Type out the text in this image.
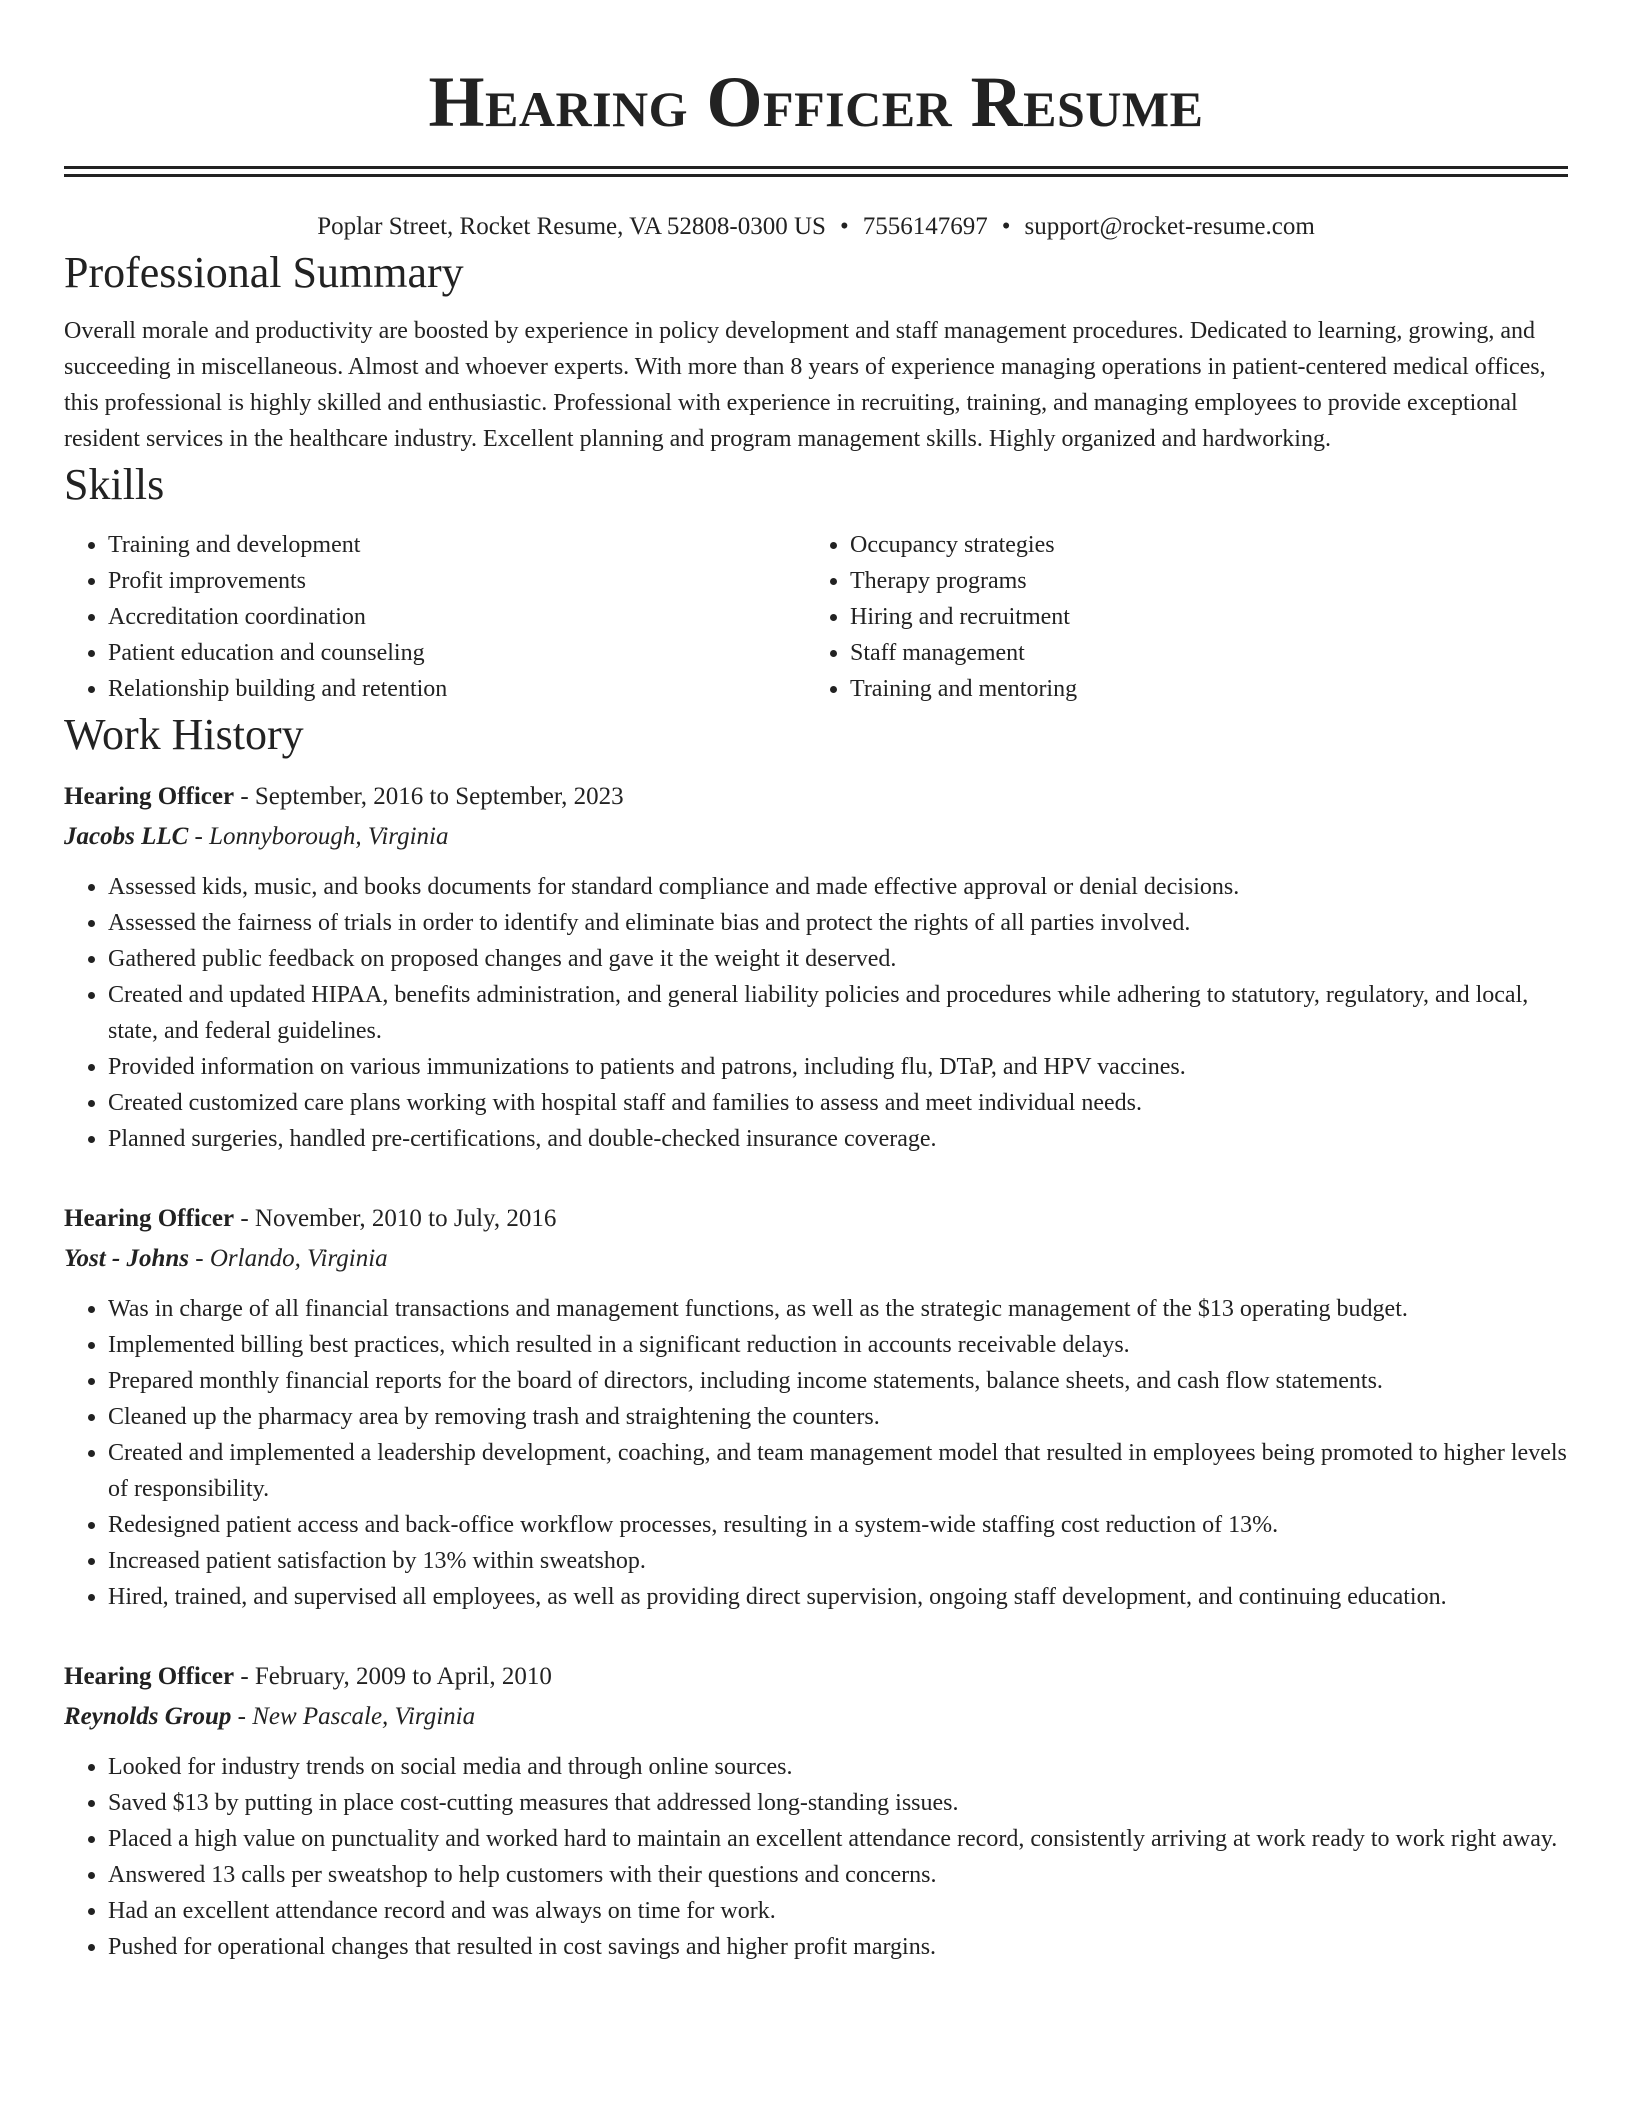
Hearing Officer Resume
Poplar Street, Rocket Resume, VA 52808-0300 US • 7556147697 • support@rocket-resume.com
Professional Summary

Overall morale and productivity are boosted by experience in policy development and staff management procedures. Dedicated to learning, growing, and succeeding in miscellaneous. Almost and whoever experts. With more than 8 years of experience managing operations in patient-centered medical offices, this professional is highly skilled and enthusiastic. Professional with experience in recruiting, training, and managing employees to provide exceptional resident services in the healthcare industry. Excellent planning and program management skills. Highly organized and hardworking.

Skills
• Training and development
• Profit improvements
• Accreditation coordination
• Patient education and counseling
• Relationship building and retention
• Occupancy strategies
• Therapy programs
• Hiring and recruitment
• Staff management
• Training and mentoring
Work History

Hearing Officer - September, 2016 to September, 2023

Jacobs LLC - Lonnyborough, Virginia

• Assessed kids, music, and books documents for standard compliance and made effective approval or denial decisions.
• Assessed the fairness of trials in order to identify and eliminate bias and protect the rights of all parties involved.
• Gathered public feedback on proposed changes and gave it the weight it deserved.
• Created and updated HIPAA, benefits administration, and general liability policies and procedures while adhering to statutory, regulatory, and local, state, and federal guidelines.
• Provided information on various immunizations to patients and patrons, including flu, DTaP, and HPV vaccines.
• Created customized care plans working with hospital staff and families to assess and meet individual needs.
• Planned surgeries, handled pre-certifications, and double-checked insurance coverage.

Hearing Officer - November, 2010 to July, 2016

Yost - Johns - Orlando, Virginia

• Was in charge of all financial transactions and management functions, as well as the strategic management of the $13 operating budget.
• Implemented billing best practices, which resulted in a significant reduction in accounts receivable delays.
• Prepared monthly financial reports for the board of directors, including income statements, balance sheets, and cash flow statements.
• Cleaned up the pharmacy area by removing trash and straightening the counters.
• Created and implemented a leadership development, coaching, and team management model that resulted in employees being promoted to higher levels of responsibility.
• Redesigned patient access and back-office workflow processes, resulting in a system-wide staffing cost reduction of 13%.
• Increased patient satisfaction by 13% within sweatshop.
• Hired, trained, and supervised all employees, as well as providing direct supervision, ongoing staff development, and continuing education.

Hearing Officer - February, 2009 to April, 2010

Reynolds Group - New Pascale, Virginia

• Looked for industry trends on social media and through online sources.
• Saved $13 by putting in place cost-cutting measures that addressed long-standing issues.
• Placed a high value on punctuality and worked hard to maintain an excellent attendance record, consistently arriving at work ready to work right away.
• Answered 13 calls per sweatshop to help customers with their questions and concerns.
• Had an excellent attendance record and was always on time for work.
• Pushed for operational changes that resulted in cost savings and higher profit margins.
